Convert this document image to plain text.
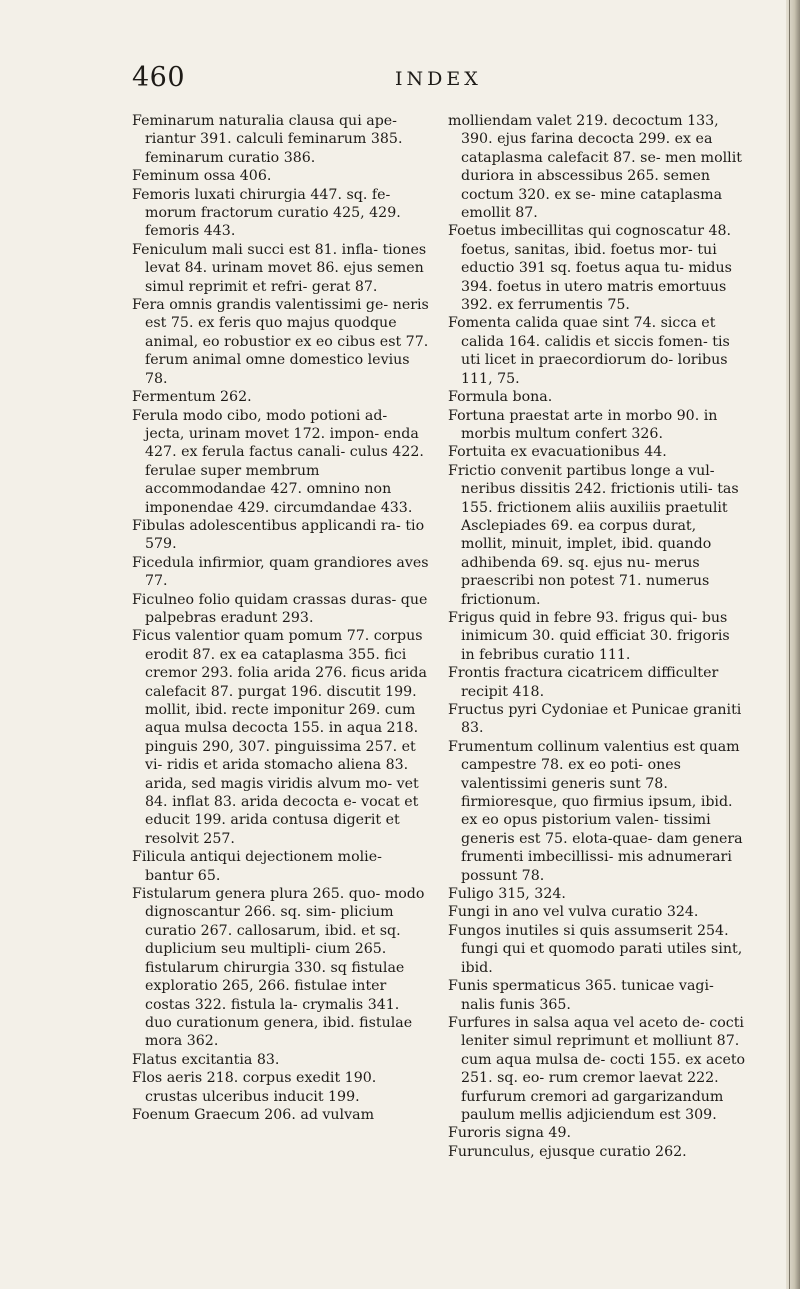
460	INDEX

Feminarum naturalia clausa qui ape- riantur 391. calculi feminarum 385. feminarum curatio 386.

Feminum ossa 406.

Femoris luxati chirurgia 447. sq. fe- morum fractorum curatio 425, 429. femoris 443.

Feniculum mali succi est 81. infla- tiones levat 84. urinam movet 86. ejus semen simul reprimit et refri- gerat 87.

Fera omnis grandis valentissimi ge- neris est 75. ex feris quo majus quodque animal, eo robustior ex eo cibus est 77. ferum animal omne domestico levius 78.

Fermentum 262.

Ferula modo cibo, modo potioni ad- jecta, urinam movet 172. impon- enda 427. ex ferula factus canali- culus 422. ferulae super membrum accommodandae 427. omnino non imponendae 429. circumdandae 433.

Fibulas adolescentibus applicandi ra- tio 579.

Ficedula infirmior, quam grandiores aves 77.

Ficulneo folio quidam crassas duras- que palpebras eradunt 293.

Ficus valentior quam pomum 77. corpus erodit 87. ex ea cataplasma 355. fici cremor 293. folia arida 276. ficus arida calefacit 87. purgat 196. discutit 199. mollit, ibid. recte imponitur 269. cum aqua mulsa decocta 155. in aqua 218. pinguis 290, 307. pinguissima 257. et vi- ridis et arida stomacho aliena 83. arida, sed magis viridis alvum mo- vet 84. inflat 83. arida decocta e- vocat et educit 199. arida contusa digerit et resolvit 257.

Filicula antiqui dejectionem molie- bantur 65.

Fistularum genera plura 265. quo- modo dignoscantur 266. sq. sim- plicium curatio 267. callosarum, ibid. et sq. duplicium seu multipli- cium 265. fistularum chirurgia 330. sq fistulae exploratio 265, 266. fistulae inter costas 322. fistula la- crymalis 341. duo curationum genera, ibid. fistulae mora 362.

Flatus excitantia 83.

Flos aeris 218. corpus exedit 190. crustas ulceribus inducit 199.

Foenum Graecum 206. ad vulvam

molliendam valet 219. decoctum 133, 390. ejus farina decocta 299. ex ea cataplasma calefacit 87. se- men mollit duriora in abscessibus 265. semen coctum 320. ex se- mine cataplasma emollit 87.

Foetus imbecillitas qui cognoscatur 48. foetus, sanitas, ibid. foetus mor- tui eductio 391 sq. foetus aqua tu- midus 394. foetus in utero matris emortuus 392. ex ferrumentis 75.

Fomenta calida quae sint 74. sicca et calida 164. calidis et siccis fomen- tis uti licet in praecordiorum do- loribus 111, 75.

Formula bona.

Fortuna praestat arte in morbo 90. in morbis multum confert 326.

Fortuita ex evacuationibus 44.

Frictio convenit partibus longe a vul- neribus dissitis 242. frictionis utili- tas 155. frictionem aliis auxiliis praetulit Asclepiades 69. ea corpus durat, mollit, minuit, implet, ibid. quando adhibenda 69. sq. ejus nu- merus praescribi non potest 71. numerus frictionum.

Frigus quid in febre 93. frigus qui- bus inimicum 30. quid efficiat 30. frigoris in febribus curatio 111.

Frontis fractura cicatricem difficulter recipit 418.

Fructus pyri Cydoniae et Punicae graniti 83.

Frumentum collinum valentius est quam campestre 78. ex eo poti- ones valentissimi generis sunt 78. firmioresque, quo firmius ipsum, ibid. ex eo opus pistorium valen- tissimi generis est 75. elota-quae- dam genera frumenti imbecillissi- mis adnumerari possunt 78.

Fuligo 315, 324.

Fungi in ano vel vulva curatio 324.

Fungos inutiles si quis assumserit 254. fungi qui et quomodo parati utiles sint, ibid.

Funis spermaticus 365. tunicae vagi- nalis funis 365.

Furfures in salsa aqua vel aceto de- cocti leniter simul reprimunt et molliunt 87. cum aqua mulsa de- cocti 155. ex aceto 251. sq. eo- rum cremor laevat 222. furfurum cremori ad gargarizandum paulum mellis adjiciendum est 309.

Furoris signa 49.

Furunculus, ejusque curatio 262.
